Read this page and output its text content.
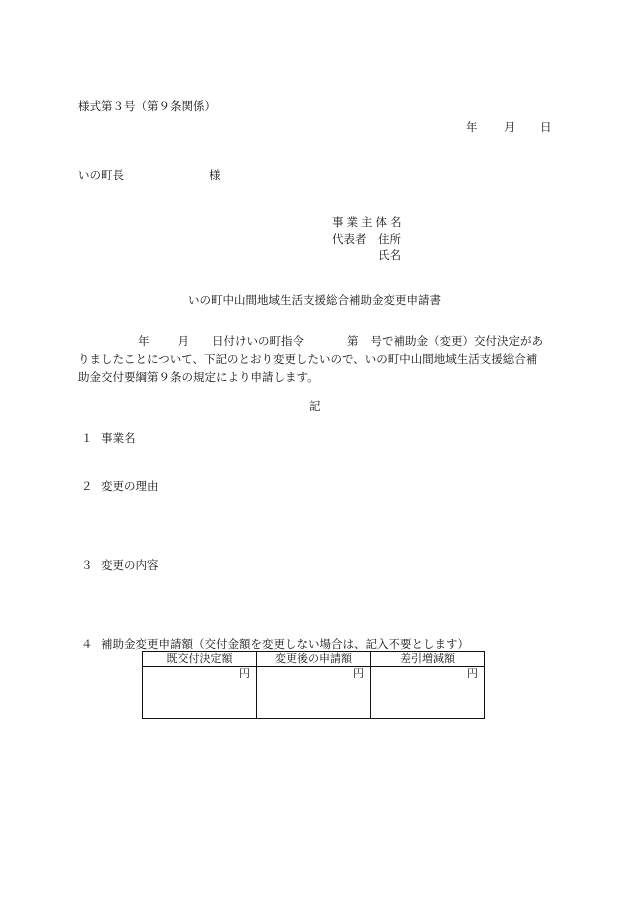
様式第３号（第９条関係）
年 月 日
いの町長	様
事業主体名
代表者 住所
氏名
いの町中山間地域生活支援総合補助金変更申請書
年 月 日付けいの町指令	第 号で補助金（変更）交付決定があ
りましたことについて、下記のとおり変更したいので、いの町中山間地域生活支援総合補
助金交付要綱第９条の規定により申請します。
記
１ 事業名
２ 変更の理由
３ 変更の内容
４ 補助金変更申請額（交付金額を変更しない場合は、記入不要とします）
既交付決定額	変更後の申請額	差引増減額
円	円	円
